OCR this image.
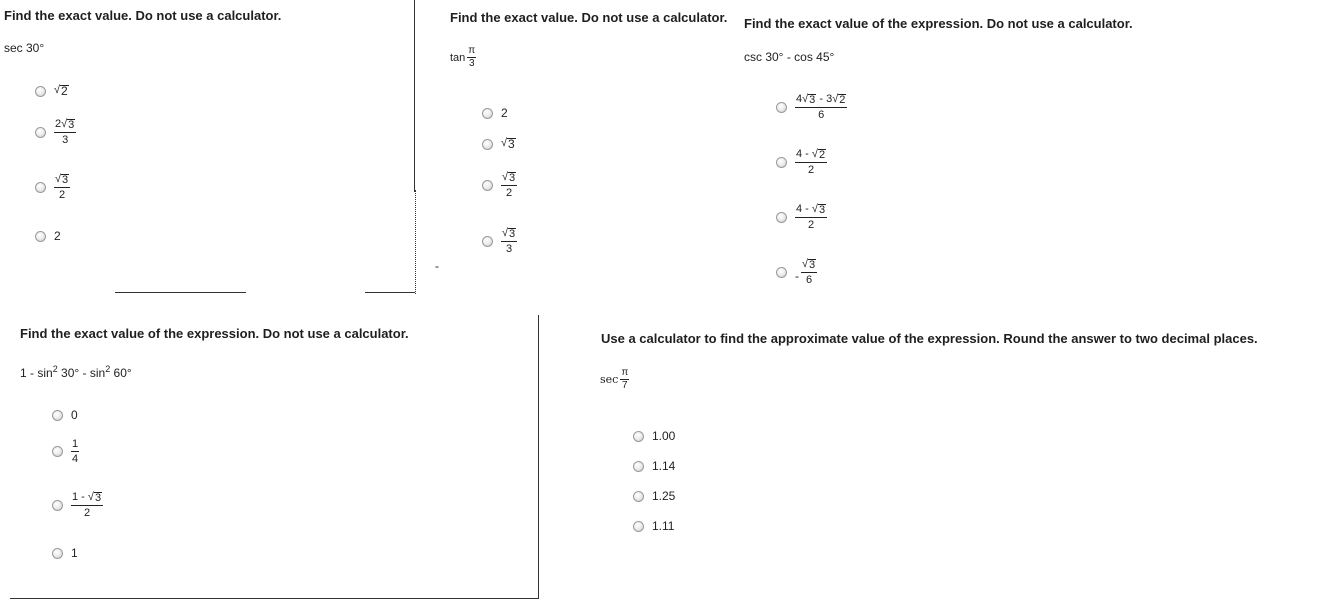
Find the exact value. Do not use a calculator.
sec 30°
√ 2
$\frac{2 √ 3}{3}$
$\frac{√ 3}{2}$
2
-
Find the exact value. Do not use a calculator.
$\tan \frac{\pi}{3}$
2
√ 3
$\frac{√ 3}{2}$
$\frac{√ 3}{3}$
Find the exact value of the expression. Do not use a calculator.
csc 30° - cos 45°
$\frac{4 √ 3 - 3 √ 2}{6}$
$\frac{4 - √ 2}{2}$
$\frac{4 - √ 3}{2}$
- $\frac{√ 3}{6}$
Find the exact value of the expression. Do not use a calculator.
$1 - \sin^2 30^\circ - \sin^2 60^\circ$
0
$\frac{1}{4}$
$\frac{1 - √ 3}{2}$
1
Use a calculator to find the approximate value of the expression. Round the answer to two decimal places.
$\sec \frac{\pi}{7}$
1.00
1.14
1.25
1.11
